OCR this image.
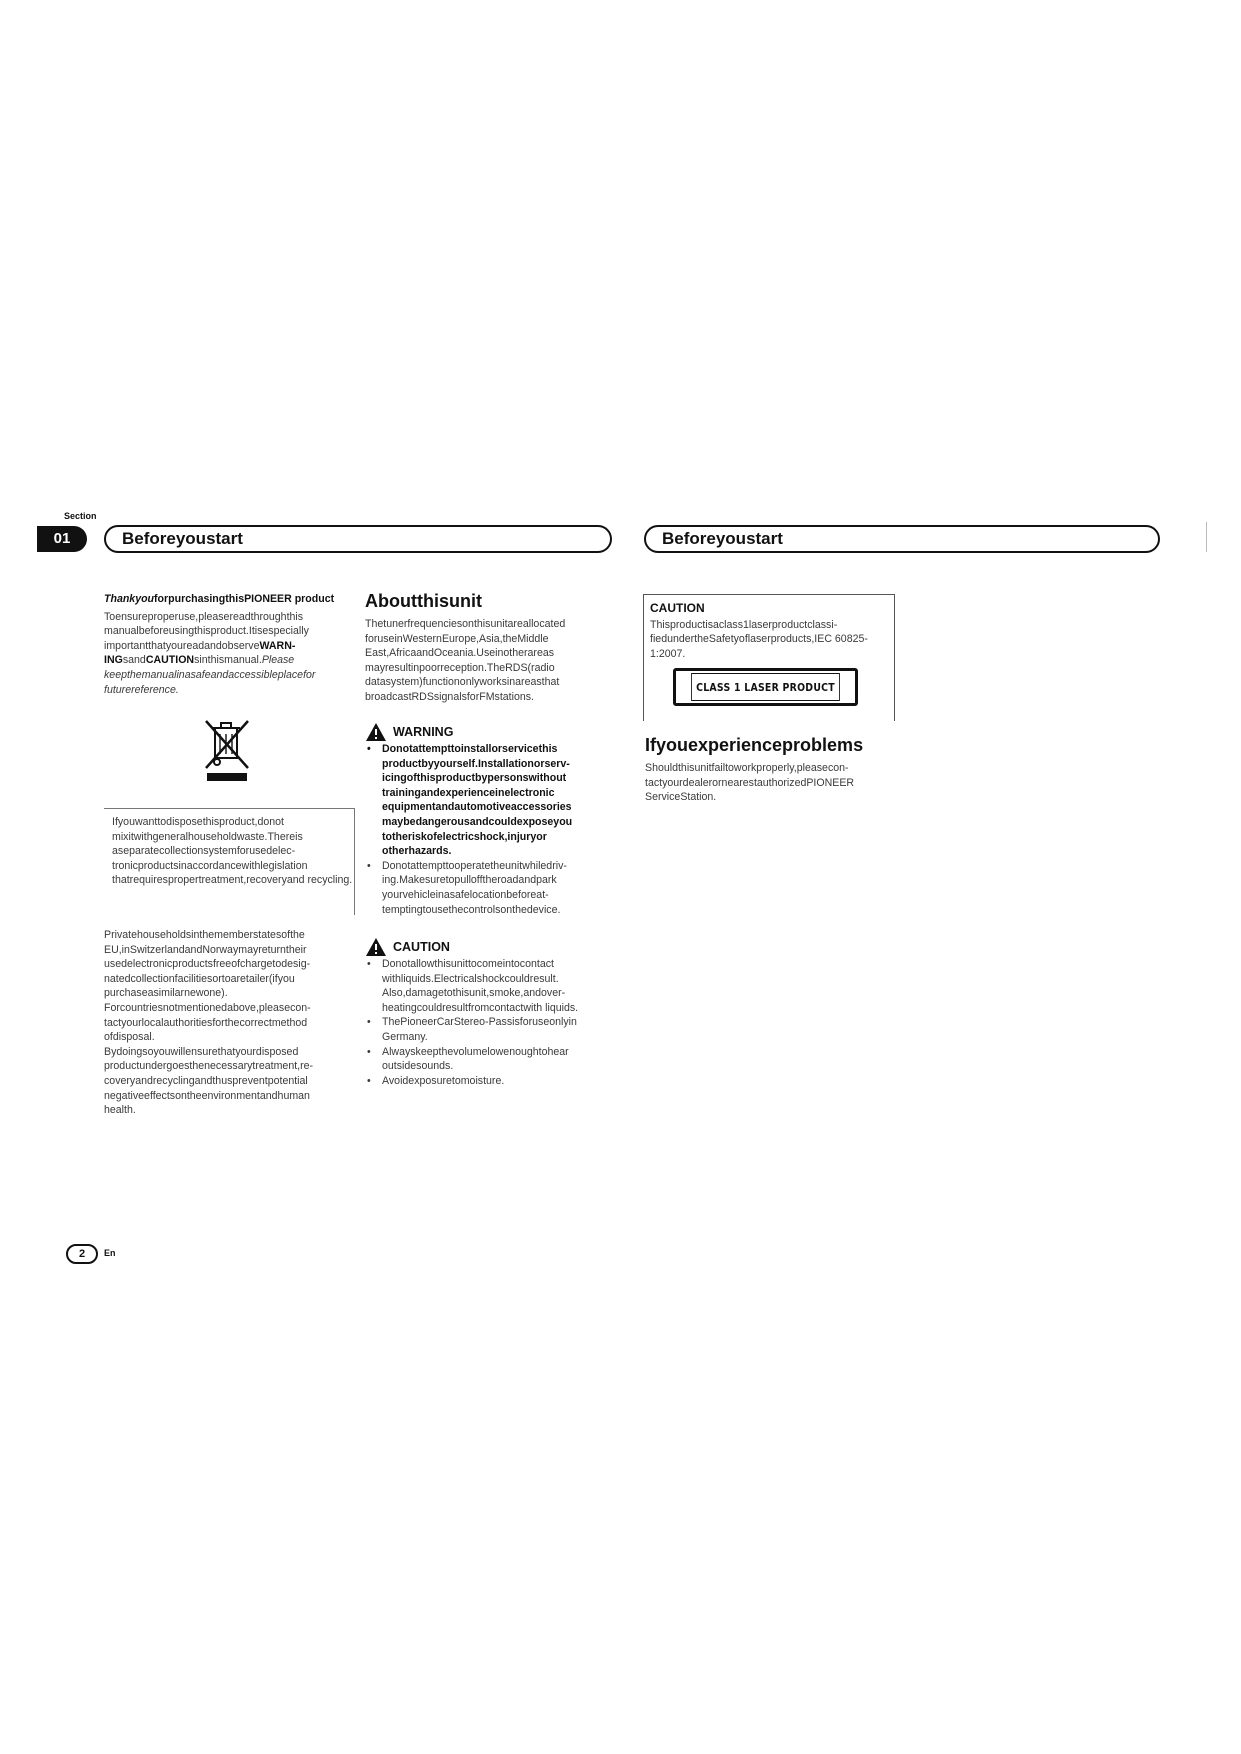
Section
01	Beforeyoustart	Beforeyoustart

ThankyouforpurchasingthisPIONEER product

Toensureproperuse,pleasereadthroughthis manualbeforeusingthisproduct.Itisespecially importantthatyoureadandobserveWARN-INGsandCAUTIONsinthismanual.Please keepthemanualinasafeandaccessibleplacefor futurereference.

Ifyouwanttodisposethisproduct,donot mixitwithgeneralhouseholdwaste.Thereis aseparatecollectionsystemforusedelec-tronicproductsinaccordancewithlegislation thatrequirespropertreatment,recoveryand recycling.

Privatehouseholdsinthememberstatesofthe EU,inSwitzerlandandNorwaymayreturntheir usedelectronicproductsfreeofchargetodesig-natedcollectionfacilitiesortoaretailer(ifyou purchaseasimilarnewone).

Forcountriesnotmentionedabove,pleasecon-tactyourlocalauthoritiesforthecorrectmethod ofdisposal.

Bydoingsoyouwillensurethatyourdisposed productundergoesthenecessarytreatment,re-coveryandrecyclingandthuspreventpotential negativeeffectsontheenvironmentandhuman health.

Aboutthisunit

Thetunerfrequenciesonthisunitareallocated foruseinWesternEurope,Asia,theMiddle East,AfricaandOceania.Useinotherareas mayresultinpoorreception.TheRDS(radio datasystem)functiononlyworksinareasthat broadcastRDSsignalsforFMstations.

WARNING
• Donotattempttoinstallorservicethis productbyyourself.Installationorserv-icingofthisproductbypersonswithout trainingandexperienceinelectronic equipmentandautomotiveaccessories maybedangerousandcouldexposeyou totheriskofelectricshock,injuryor otherhazards.
• Donotattempttooperatetheunitwhiledriv-ing.Makesuretopullofftheroadandpark yourvehicleinasafelocationbeforeat-temptingtousethecontrolsonthedevice.
CAUTION
• Donotallowthisunittocomeintocontact withliquids.Electricalshockcouldresult. Also,damagetothisunit,smoke,andover-heatingcouldresultfromcontactwith liquids.
• ThePioneerCarStereo-Passisforuseonlyin Germany.
• Alwayskeepthevolumelowenoughtohear outsidesounds.
• Avoidexposuretomoisture.
CAUTION

Thisproductisaclass1laserproductclassi-fiedundertheSafetyoflaserproducts,IEC 60825-1:2007.

CLASS 1 LASER PRODUCT
Ifyouexperienceproblems

Shouldthisunitfailtoworkproperly,pleasecon-tactyourdealerornearestauthorizedPIONEER ServiceStation.

2	En
